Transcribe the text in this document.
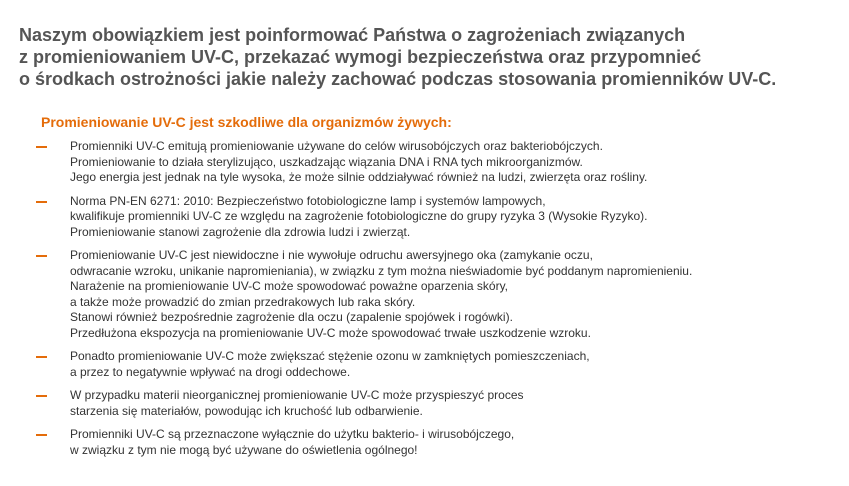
Naszym obowiązkiem jest poinformować Państwa o zagrożeniach związanych
z promieniowaniem UV-C, przekazać wymogi bezpieczeństwa oraz przypomnieć
o środkach ostrożności jakie należy zachować podczas stosowania promienników UV-C.
Promieniowanie UV-C jest szkodliwe dla organizmów żywych:
Promienniki UV-C emitują promieniowanie używane do celów wirusobójczych oraz bakteriobójczych.
Promieniowanie to działa sterylizująco, uszkadzając wiązania DNA i RNA tych mikroorganizmów.
Jego energia jest jednak na tyle wysoka, że może silnie oddziaływać również na ludzi, zwierzęta oraz rośliny.
Norma PN-EN 6271: 2010: Bezpieczeństwo fotobiologiczne lamp i systemów lampowych,
kwalifikuje promienniki UV-C ze względu na zagrożenie fotobiologiczne do grupy ryzyka 3 (Wysokie Ryzyko).
Promieniowanie stanowi zagrożenie dla zdrowia ludzi i zwierząt.
Promieniowanie UV-C jest niewidoczne i nie wywołuje odruchu awersyjnego oka (zamykanie oczu,
odwracanie wzroku, unikanie napromieniania), w związku z tym można nieświadomie być poddanym napromienieniu.
Narażenie na promieniowanie UV-C może spowodować poważne oparzenia skóry,
a także może prowadzić do zmian przedrakowych lub raka skóry.
Stanowi również bezpośrednie zagrożenie dla oczu (zapalenie spojówek i rogówki).
Przedłużona ekspozycja na promieniowanie UV-C może spowodować trwałe uszkodzenie wzroku.
Ponadto promieniowanie UV-C może zwiększać stężenie ozonu w zamkniętych pomieszczeniach,
a przez to negatywnie wpływać na drogi oddechowe.
W przypadku materii nieorganicznej promieniowanie UV-C może przyspieszyć proces
starzenia się materiałów, powodując ich kruchość lub odbarwienie.
Promienniki UV-C są przeznaczone wyłącznie do użytku bakterio- i wirusobójczego,
w związku z tym nie mogą być używane do oświetlenia ogólnego!
